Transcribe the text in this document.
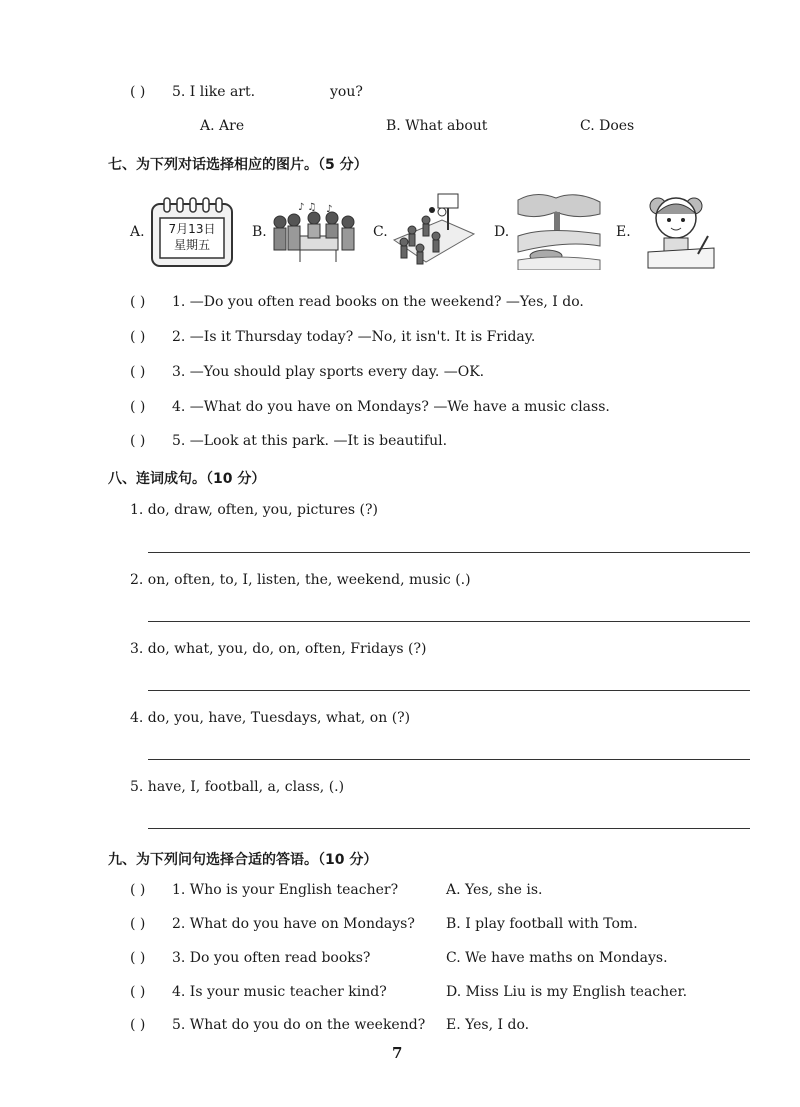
( ) 5. I like art.	you?
A. Are	B. What about	C. Does
七、为下列对话选择相应的图片。（5 分）
A.	B.	C.	D.	E.
7月13日
星期五
♪ ♫ ♪
( ) 1. —Do you often read books on the weekend? —Yes, I do.
( ) 2. —Is it Thursday today? —No, it isn't. It is Friday.
( ) 3. —You should play sports every day. —OK.
( ) 4. —What do you have on Mondays? —We have a music class.
( ) 5. —Look at this park. —It is beautiful.
八、连词成句。（10 分）
1. do, draw, often, you, pictures (?)
2. on, often, to, I, listen, the, weekend, music (.)
3. do, what, you, do, on, often, Fridays (?)
4. do, you, have, Tuesdays, what, on (?)
5. have, I, football, a, class, (.)
九、为下列问句选择合适的答语。（10 分）
( ) 1. Who is your English teacher?	A. Yes, she is.
( ) 2. What do you have on Mondays? B. I play football with Tom.
( ) 3. Do you often read books?	C. We have maths on Mondays.
( ) 4. Is your music teacher kind?	D. Miss Liu is my English teacher.
( ) 5. What do you do on the weekend? E. Yes, I do.
7
